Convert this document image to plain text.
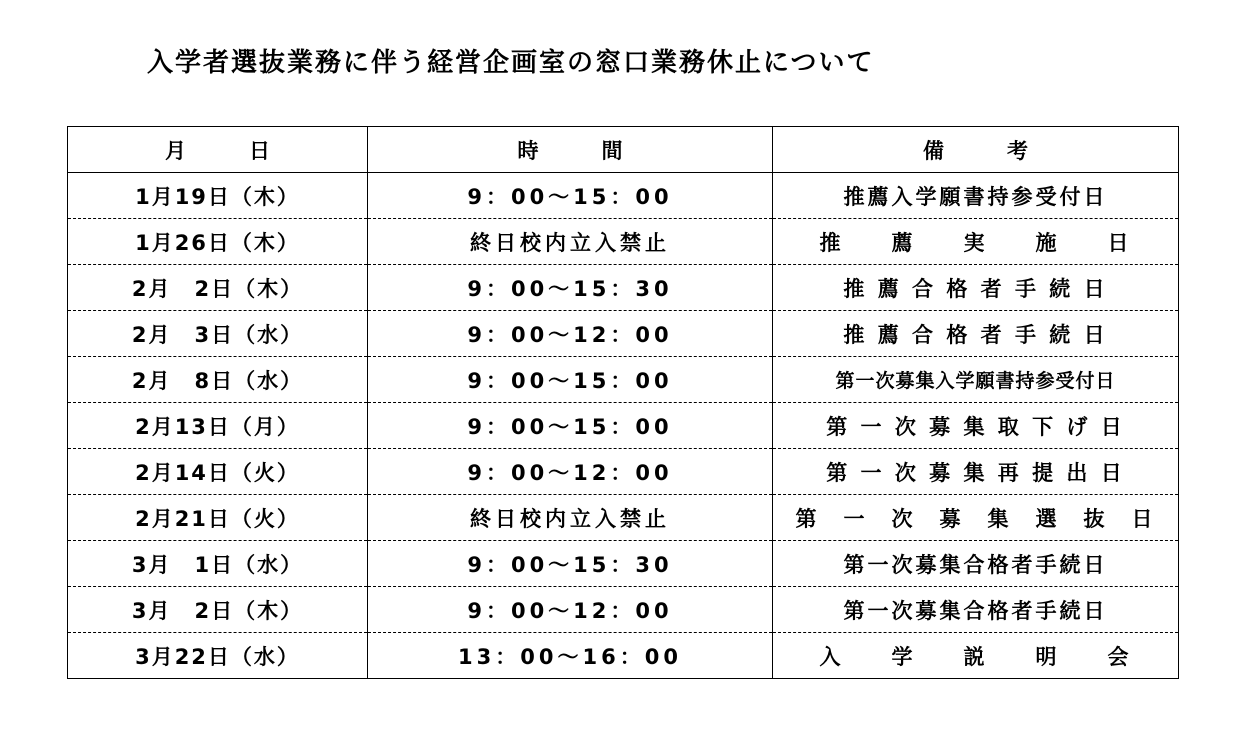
入学者選抜業務に伴う経営企画室の窓口業務休止について
月　　　日	時　　　間	備　　　考
1月19日（木）	9：00～15：00	推薦入学願書持参受付日
1月26日（木）	終日校内立入禁止	推　　薦　　実　　施　　日
2月　2日（木）	9：00～15：30	推 薦 合 格 者 手 続 日
2月　3日（水）	9：00～12：00	推 薦 合 格 者 手 続 日
2月　8日（水）	9：00～15：00	第一次募集入学願書持参受付日
2月13日（月）	9：00～15：00	第 一 次 募 集 取 下 げ 日
2月14日（火）	9：00～12：00	第 一 次 募 集 再 提 出 日
2月21日（火）	終日校内立入禁止	第　一　次　募　集　選　抜　日
3月　1日（水）	9：00～15：30	第一次募集合格者手続日
3月　2日（木）	9：00～12：00	第一次募集合格者手続日
3月22日（水）	13：00～16：00	入　　学　　説　　明　　会
